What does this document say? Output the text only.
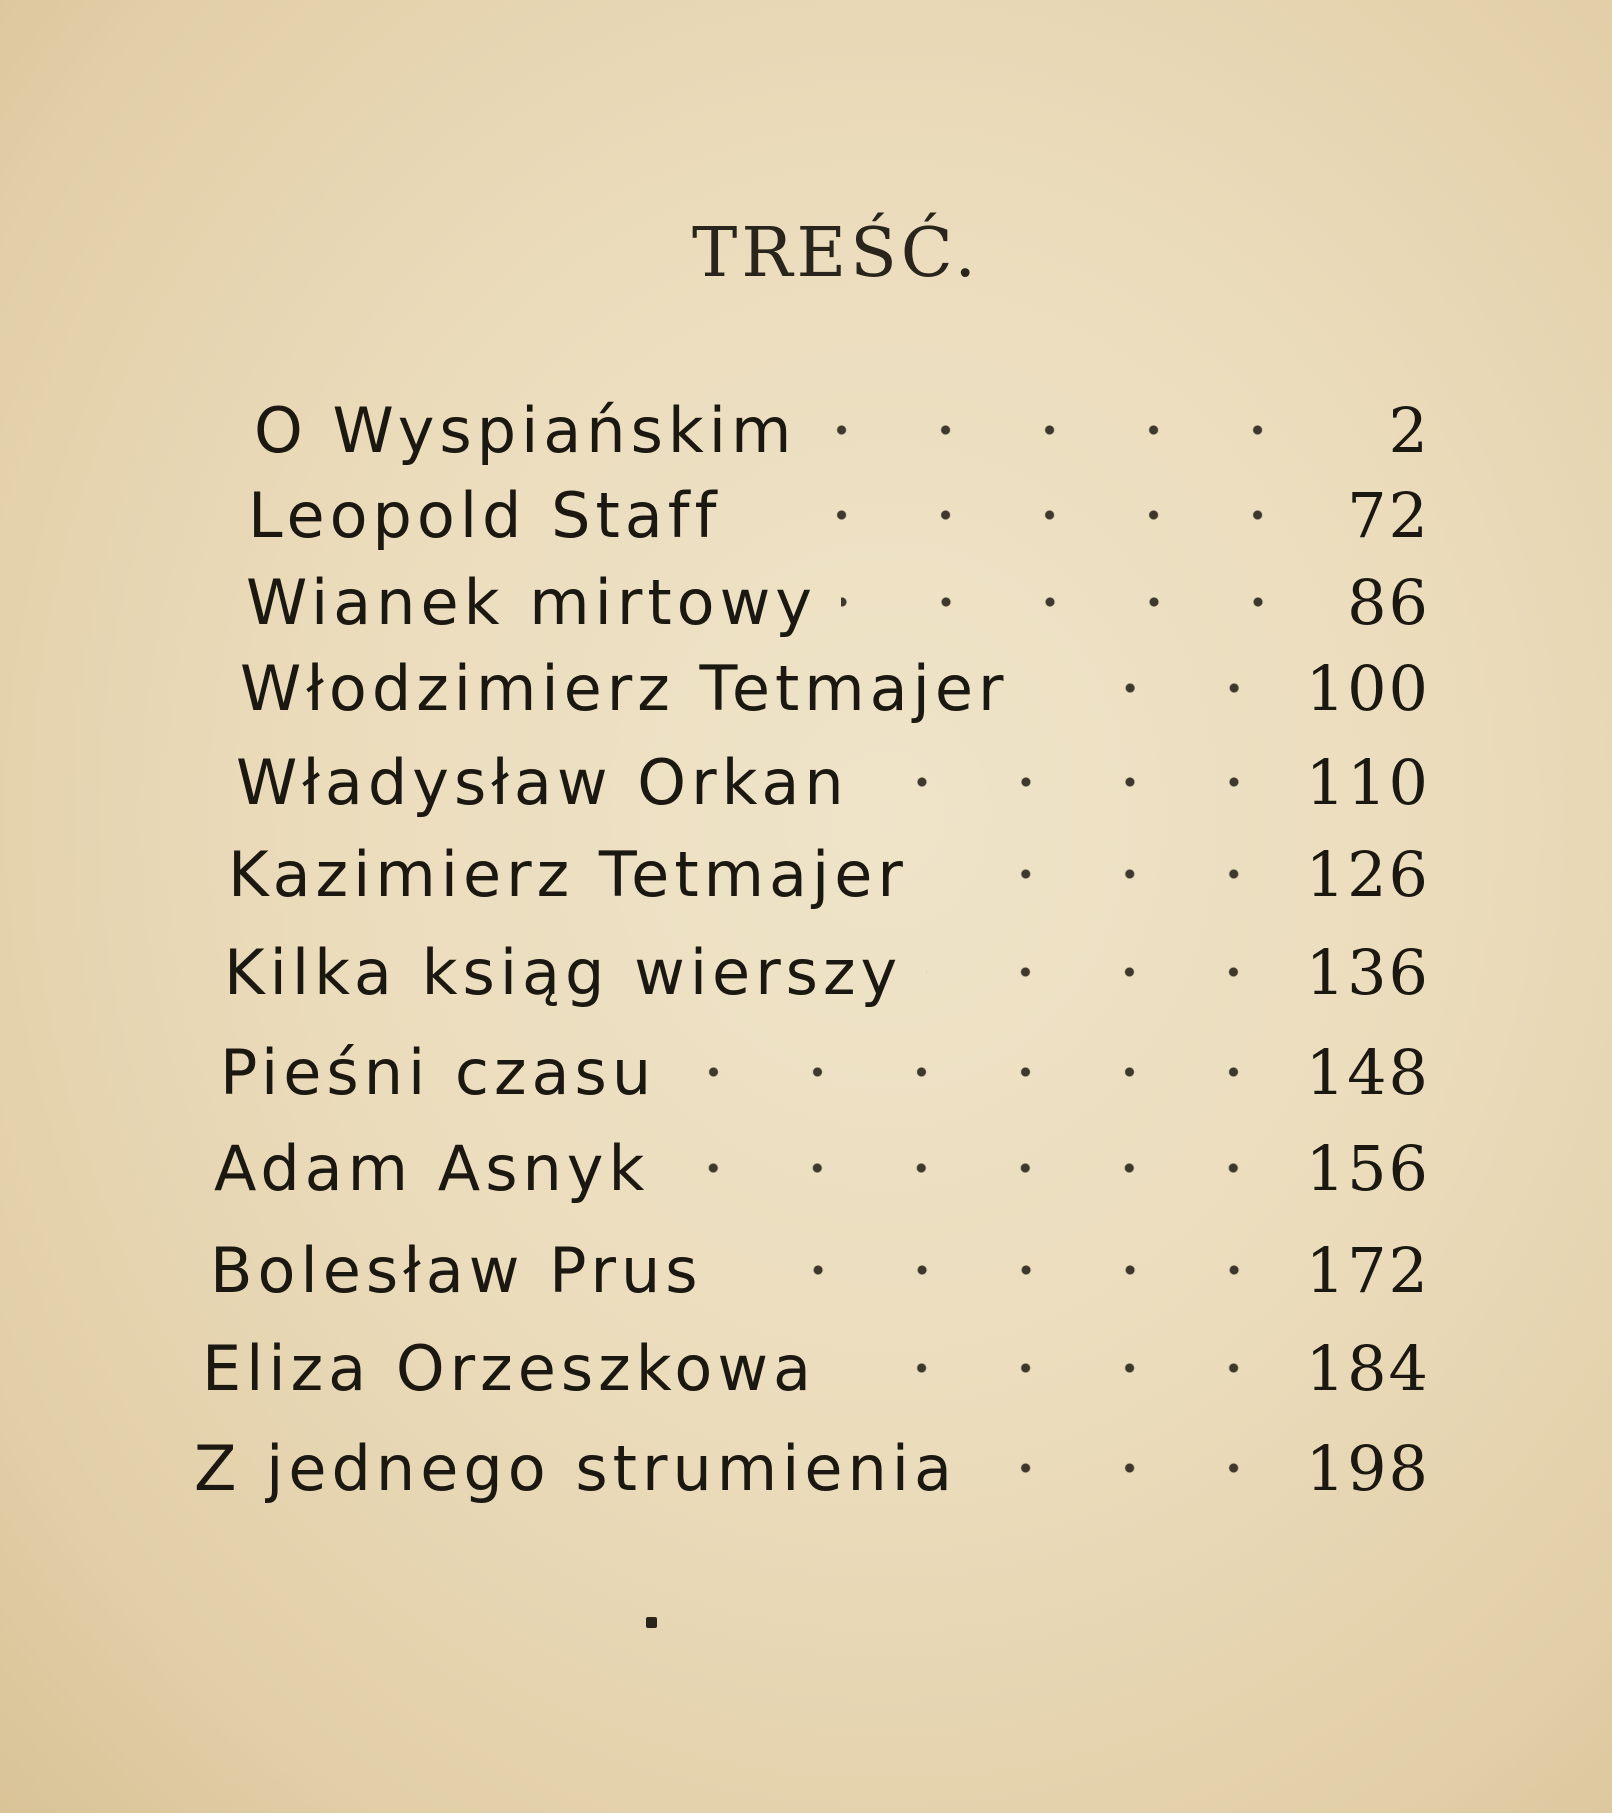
TREŚĆ.
O Wyspiańskim	2
Leopold Staff	72
Wianek mirtowy	86
Włodzimierz Tetmajer	100
Władysław Orkan	110
Kazimierz Tetmajer	126
Kilka ksiąg wierszy	136
Pieśni czasu	148
Adam Asnyk	156
Bolesław Prus	172
Eliza Orzeszkowa	184
Z jednego strumienia	198
